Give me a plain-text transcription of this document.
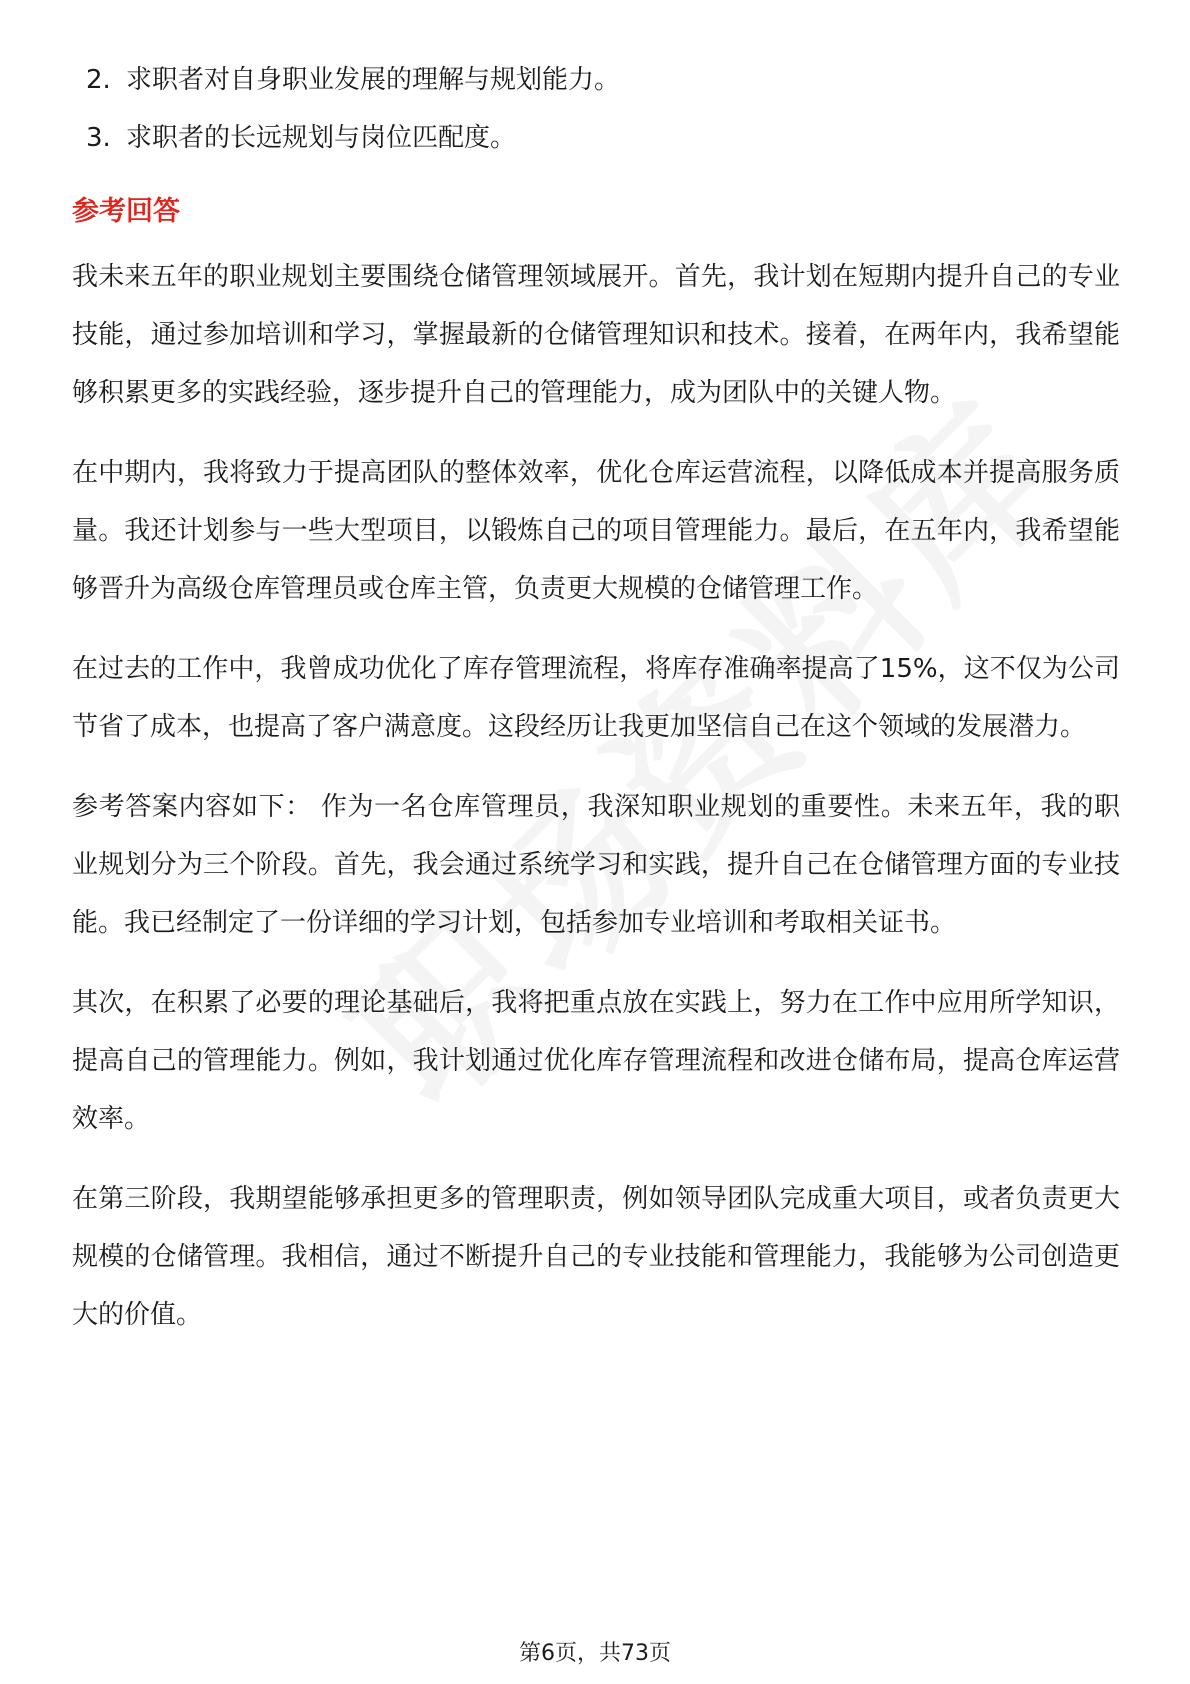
2. 求职者对自身职业发展的理解与规划能力。
3. 求职者的长远规划与岗位匹配度。
参考回答

我未来五年的职业规划主要围绕仓储管理领域展开。首先，我计划在短期内提升自己的专业技能，通过参加培训和学习，掌握最新的仓储管理知识和技术。接着，在两年内，我希望能够积累更多的实践经验，逐步提升自己的管理能力，成为团队中的关键人物。

在中期内，我将致力于提高团队的整体效率，优化仓库运营流程，以降低成本并提高服务质量。我还计划参与一些大型项目，以锻炼自己的项目管理能力。最后，在五年内，我希望能够晋升为高级仓库管理员或仓库主管，负责更大规模的仓储管理工作。

在过去的工作中，我曾成功优化了库存管理流程，将库存准确率提高了15%，这不仅为公司节省了成本，也提高了客户满意度。这段经历让我更加坚信自己在这个领域的发展潜力。

参考答案内容如下： 作为一名仓库管理员，我深知职业规划的重要性。未来五年，我的职业规划分为三个阶段。首先，我会通过系统学习和实践，提升自己在仓储管理方面的专业技能。我已经制定了一份详细的学习计划，包括参加专业培训和考取相关证书。

其次，在积累了必要的理论基础后，我将把重点放在实践上，努力在工作中应用所学知识，提高自己的管理能力。例如，我计划通过优化库存管理流程和改进仓储布局，提高仓库运营效率。

在第三阶段，我期望能够承担更多的管理职责，例如领导团队完成重大项目，或者负责更大规模的仓储管理。我相信，通过不断提升自己的专业技能和管理能力，我能够为公司创造更大的价值。

第6页，共73页
